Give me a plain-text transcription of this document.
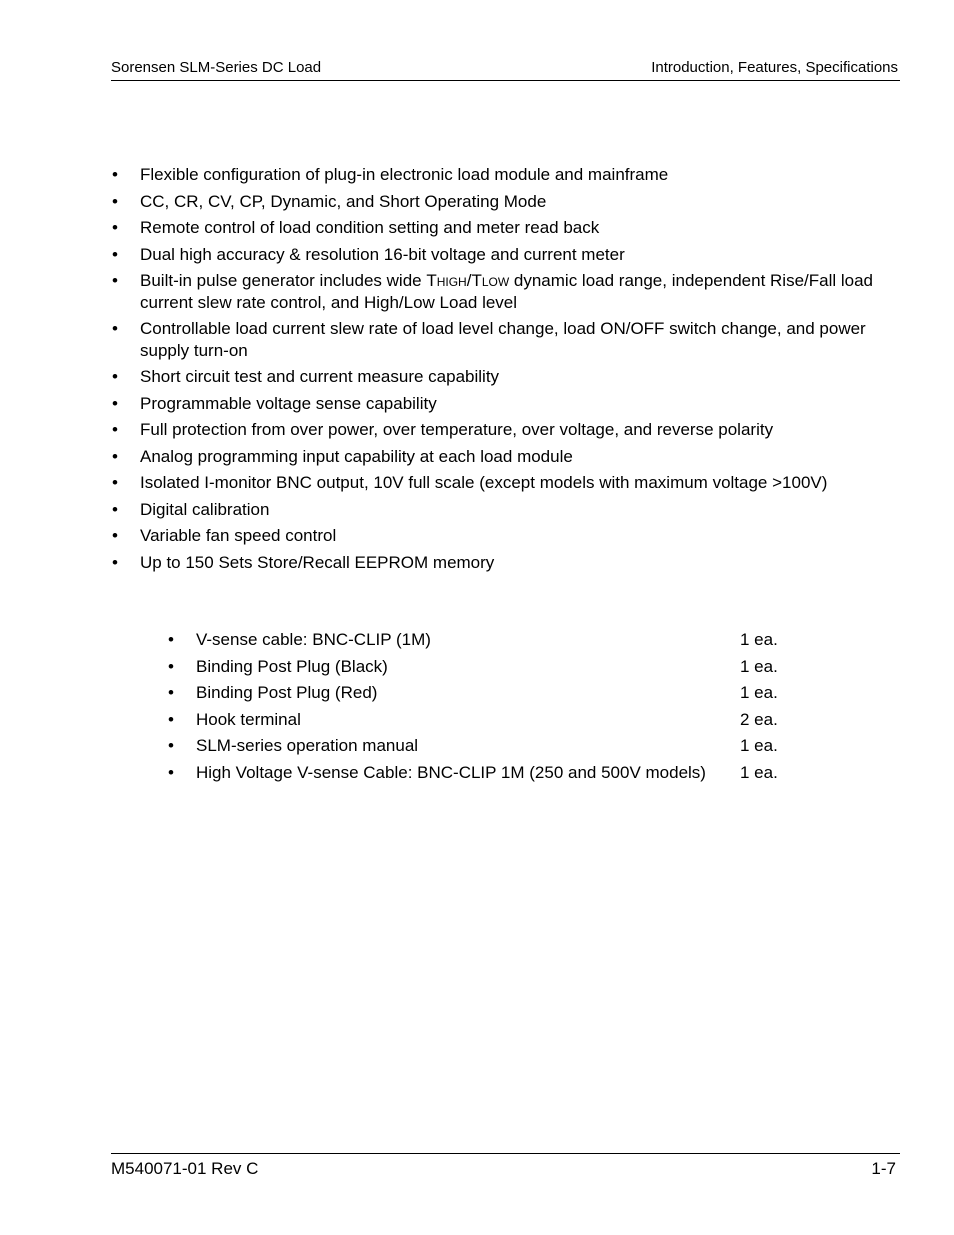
Sorensen SLM-Series DC Load	Introduction, Features, Specifications
• Flexible configuration of plug-in electronic load module and mainframe
• CC, CR, CV, CP, Dynamic, and Short Operating Mode
• Remote control of load condition setting and meter read back
• Dual high accuracy & resolution 16-bit voltage and current meter
• Built-in pulse generator includes wide Thigh/Tlow dynamic load range, independent Rise/Fall load
current slew rate control, and High/Low Load level
• Controllable load current slew rate of load level change, load ON/OFF switch change, and power supply turn-on
• Short circuit test and current measure capability
• Programmable voltage sense capability
• Full protection from over power, over temperature, over voltage, and reverse polarity
• Analog programming input capability at each load module
• Isolated I-monitor BNC output, 10V full scale (except models with maximum voltage >100V)
• Digital calibration
• Variable fan speed control
• Up to 150 Sets Store/Recall EEPROM memory
• V-sense cable: BNC-CLIP (1M)	1 ea.
• Binding Post Plug (Black)	1 ea.
• Binding Post Plug (Red)	1 ea.
• Hook terminal	2 ea.
• SLM-series operation manual	1 ea.
• High Voltage V-sense Cable: BNC-CLIP 1M (250 and 500V models) 1 ea.
M540071-01 Rev C	1-7
